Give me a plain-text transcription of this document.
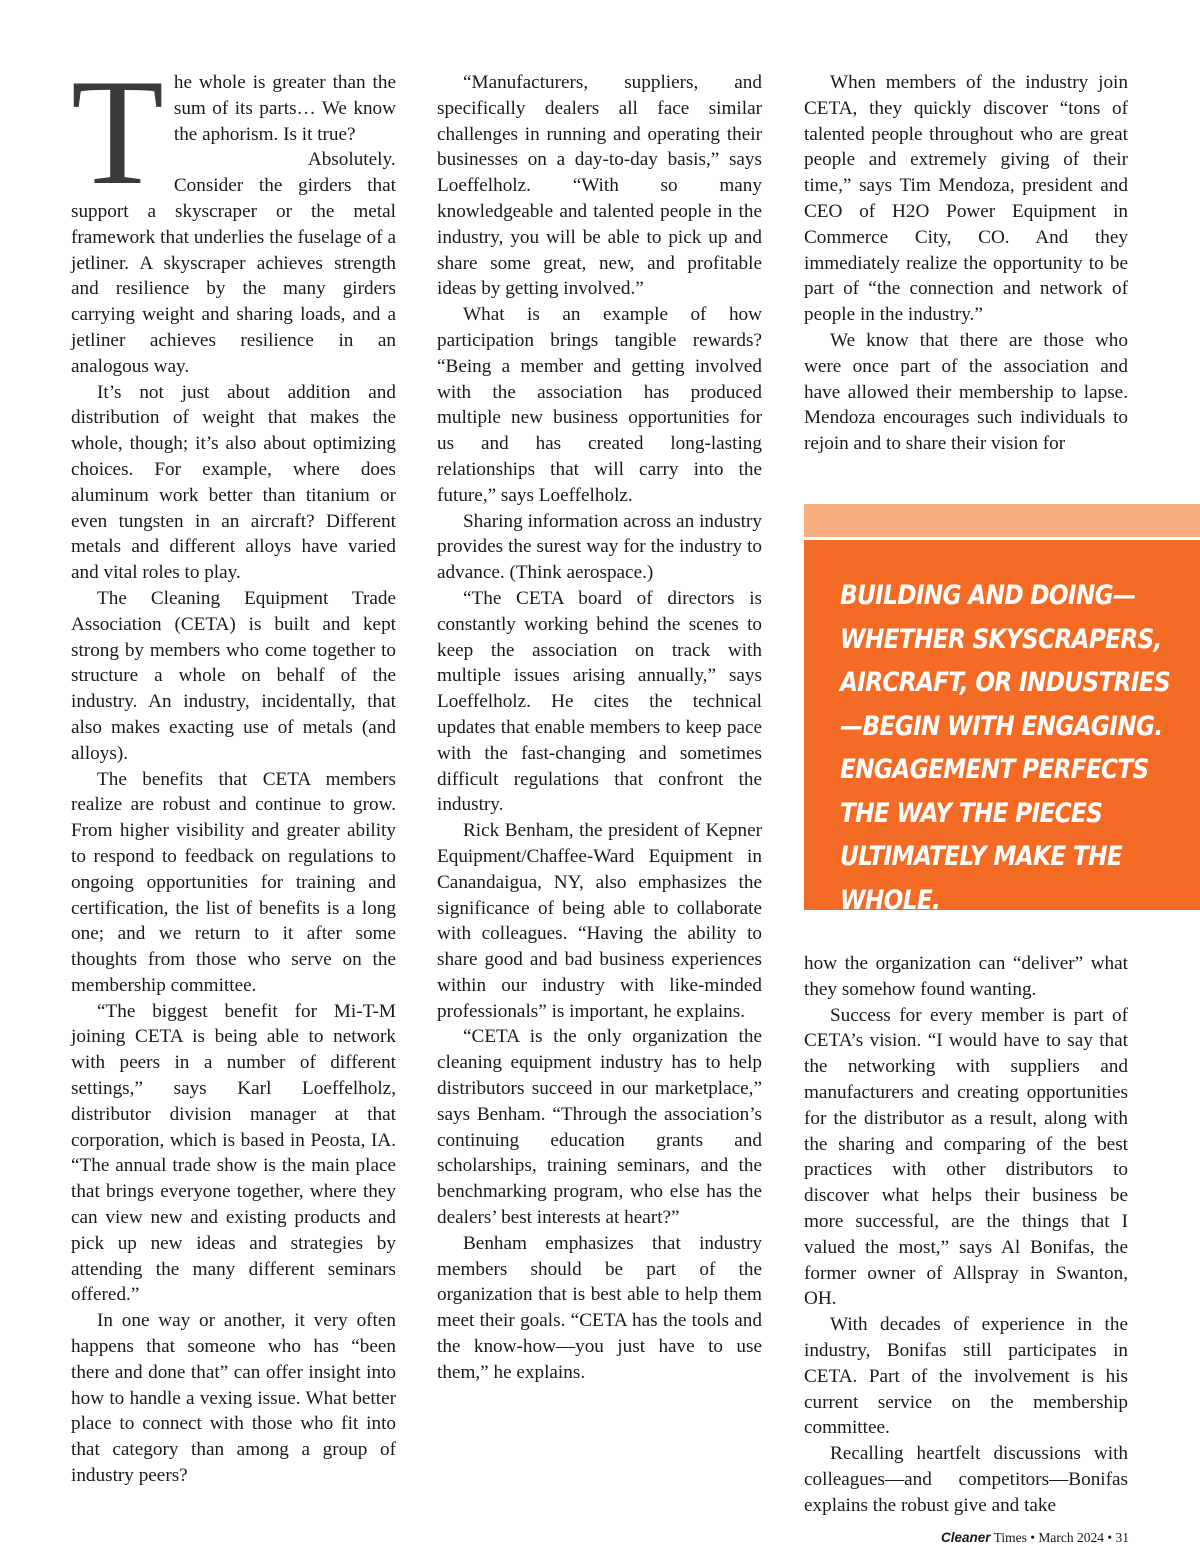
The whole is greater than the sum of its parts… We know the aphorism. Is it true?

Absolutely. Consider the girders that support a skyscraper or the metal framework that underlies the fuselage of a jetliner. A skyscraper achieves strength and resilience by the many girders carrying weight and sharing loads, and a jetliner achieves resilience in an analogous way.

It’s not just about addition and distribution of weight that makes the whole, though; it’s also about optimizing choices. For example, where does aluminum work better than titanium or even tungsten in an aircraft? Different metals and different alloys have varied and vital roles to play.

The Cleaning Equipment Trade Association (CETA) is built and kept strong by members who come together to structure a whole on behalf of the industry. An industry, incidentally, that also makes exacting use of metals (and alloys).

The benefits that CETA members realize are robust and continue to grow. From higher visibility and greater ability to respond to feedback on regulations to ongoing opportunities for training and certification, the list of benefits is a long one; and we return to it after some thoughts from those who serve on the membership committee.

“The biggest benefit for Mi-T-M joining CETA is being able to network with peers in a number of different settings,” says Karl Loeffelholz, distributor division manager at that corporation, which is based in Peosta, IA. “The annual trade show is the main place that brings everyone together, where they can view new and existing products and pick up new ideas and strategies by attending the many different seminars offered.”

In one way or another, it very often happens that someone who has “been there and done that” can offer insight into how to handle a vexing issue. What better place to connect with those who fit into that category than among a group of industry peers?

“Manufacturers, suppliers, and specifically dealers all face similar challenges in running and operating their businesses on a day-to-day basis,” says Loeffelholz. “With so many knowledgeable and talented people in the industry, you will be able to pick up and share some great, new, and profitable ideas by getting involved.”

What is an example of how participation brings tangible rewards? “Being a member and getting involved with the association has produced multiple new business opportunities for us and has created long-lasting relationships that will carry into the future,” says Loeffelholz.

Sharing information across an industry provides the surest way for the industry to advance. (Think aerospace.)

“The CETA board of directors is constantly working behind the scenes to keep the association on track with multiple issues arising annually,” says Loeffelholz. He cites the technical updates that enable members to keep pace with the fast-changing and sometimes difficult regulations that confront the industry.

Rick Benham, the president of Kepner Equipment/Chaffee-Ward Equipment in Canandaigua, NY, also emphasizes the significance of being able to collaborate with colleagues. “Having the ability to share good and bad business experiences within our industry with like-minded professionals” is important, he explains.

“CETA is the only organization the cleaning equipment industry has to help distributors succeed in our marketplace,” says Benham. “Through the association’s continuing education grants and scholarships, training seminars, and the benchmarking program, who else has the dealers’ best interests at heart?”

Benham emphasizes that industry members should be part of the organization that is best able to help them meet their goals. “CETA has the tools and the know-how—you just have to use them,” he explains.

When members of the industry join CETA, they quickly discover “tons of talented people throughout who are great people and extremely giving of their time,” says Tim Mendoza, president and CEO of H2O Power Equipment in Commerce City, CO. And they immediately realize the opportunity to be part of “the connection and network of people in the industry.”

We know that there are those who were once part of the association and have allowed their membership to lapse. Mendoza encourages such individuals to rejoin and to share their vision for

BUILDING AND DOING—WHETHER SKYSCRAPERS, AIRCRAFT, OR INDUSTRIES—BEGIN WITH ENGAGING. ENGAGEMENT PERFECTS THE WAY THE PIECES ULTIMATELY MAKE THE WHOLE.

how the organization can “deliver” what they somehow found wanting.

Success for every member is part of CETA’s vision. “I would have to say that the networking with suppliers and manufacturers and creating opportunities for the distributor as a result, along with the sharing and comparing of the best practices with other distributors to discover what helps their business be more successful, are the things that I valued the most,” says Al Bonifas, the former owner of Allspray in Swanton, OH.

With decades of experience in the industry, Bonifas still participates in CETA. Part of the involvement is his current service on the membership committee.

Recalling heartfelt discussions with colleagues—and competitors—Bonifas explains the robust give and take

Cleaner Times • March 2024 • 31
